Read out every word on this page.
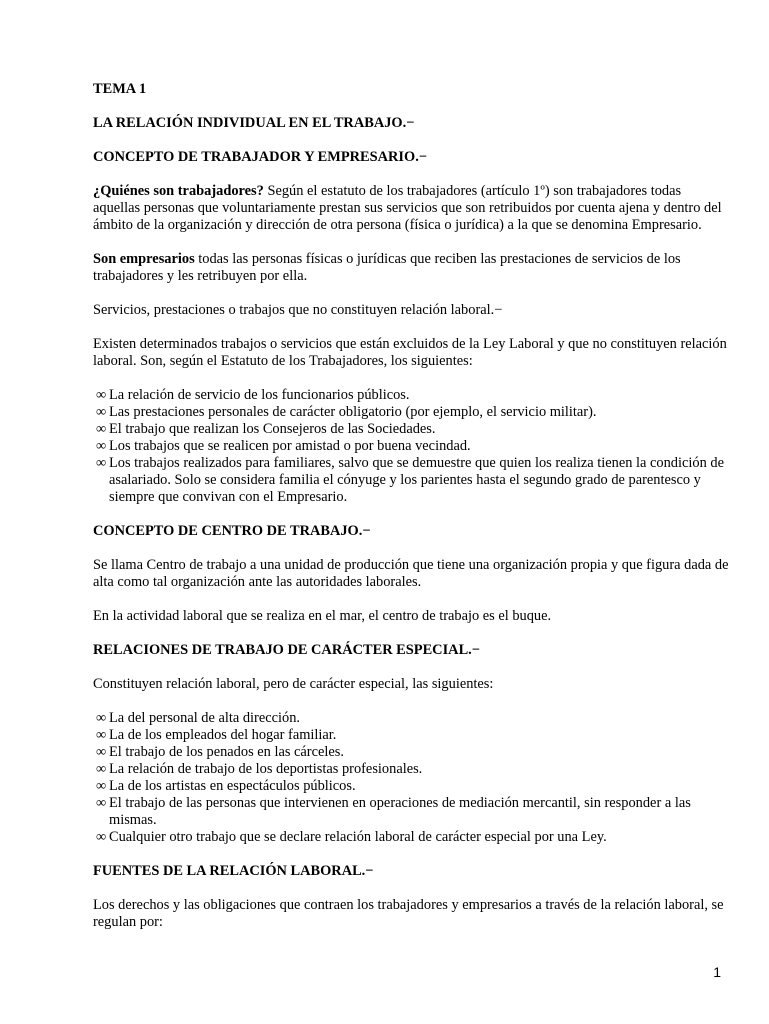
TEMA 1

LA RELACIÓN INDIVIDUAL EN EL TRABAJO.−

CONCEPTO DE TRABAJADOR Y EMPRESARIO.−

¿Quiénes son trabajadores? Según el estatuto de los trabajadores (artículo 1º) son trabajadores todas aquellas personas que voluntariamente prestan sus servicios que son retribuidos por cuenta ajena y dentro del ámbito de la organización y dirección de otra persona (física o jurídica) a la que se denomina Empresario.

Son empresarios todas las personas físicas o jurídicas que reciben las prestaciones de servicios de los trabajadores y les retribuyen por ella.

Servicios, prestaciones o trabajos que no constituyen relación laboral.−

Existen determinados trabajos o servicios que están excluidos de la Ley Laboral y que no constituyen relación laboral. Son, según el Estatuto de los Trabajadores, los siguientes:

∞ La relación de servicio de los funcionarios públicos.
∞ Las prestaciones personales de carácter obligatorio (por ejemplo, el servicio militar).
∞ El trabajo que realizan los Consejeros de las Sociedades.
∞ Los trabajos que se realicen por amistad o por buena vecindad.
∞ Los trabajos realizados para familiares, salvo que se demuestre que quien los realiza tienen la condición de asalariado. Solo se considera familia el cónyuge y los parientes hasta el segundo grado de parentesco y siempre que convivan con el Empresario.

CONCEPTO DE CENTRO DE TRABAJO.−

Se llama Centro de trabajo a una unidad de producción que tiene una organización propia y que figura dada de alta como tal organización ante las autoridades laborales.

En la actividad laboral que se realiza en el mar, el centro de trabajo es el buque.

RELACIONES DE TRABAJO DE CARÁCTER ESPECIAL.−

Constituyen relación laboral, pero de carácter especial, las siguientes:

∞ La del personal de alta dirección.
∞ La de los empleados del hogar familiar.
∞ El trabajo de los penados en las cárceles.
∞ La relación de trabajo de los deportistas profesionales.
∞ La de los artistas en espectáculos públicos.
∞ El trabajo de las personas que intervienen en operaciones de mediación mercantil, sin responder a las mismas.
∞ Cualquier otro trabajo que se declare relación laboral de carácter especial por una Ley.

FUENTES DE LA RELACIÓN LABORAL.−

Los derechos y las obligaciones que contraen los trabajadores y empresarios a través de la relación laboral, se regulan por:

1
